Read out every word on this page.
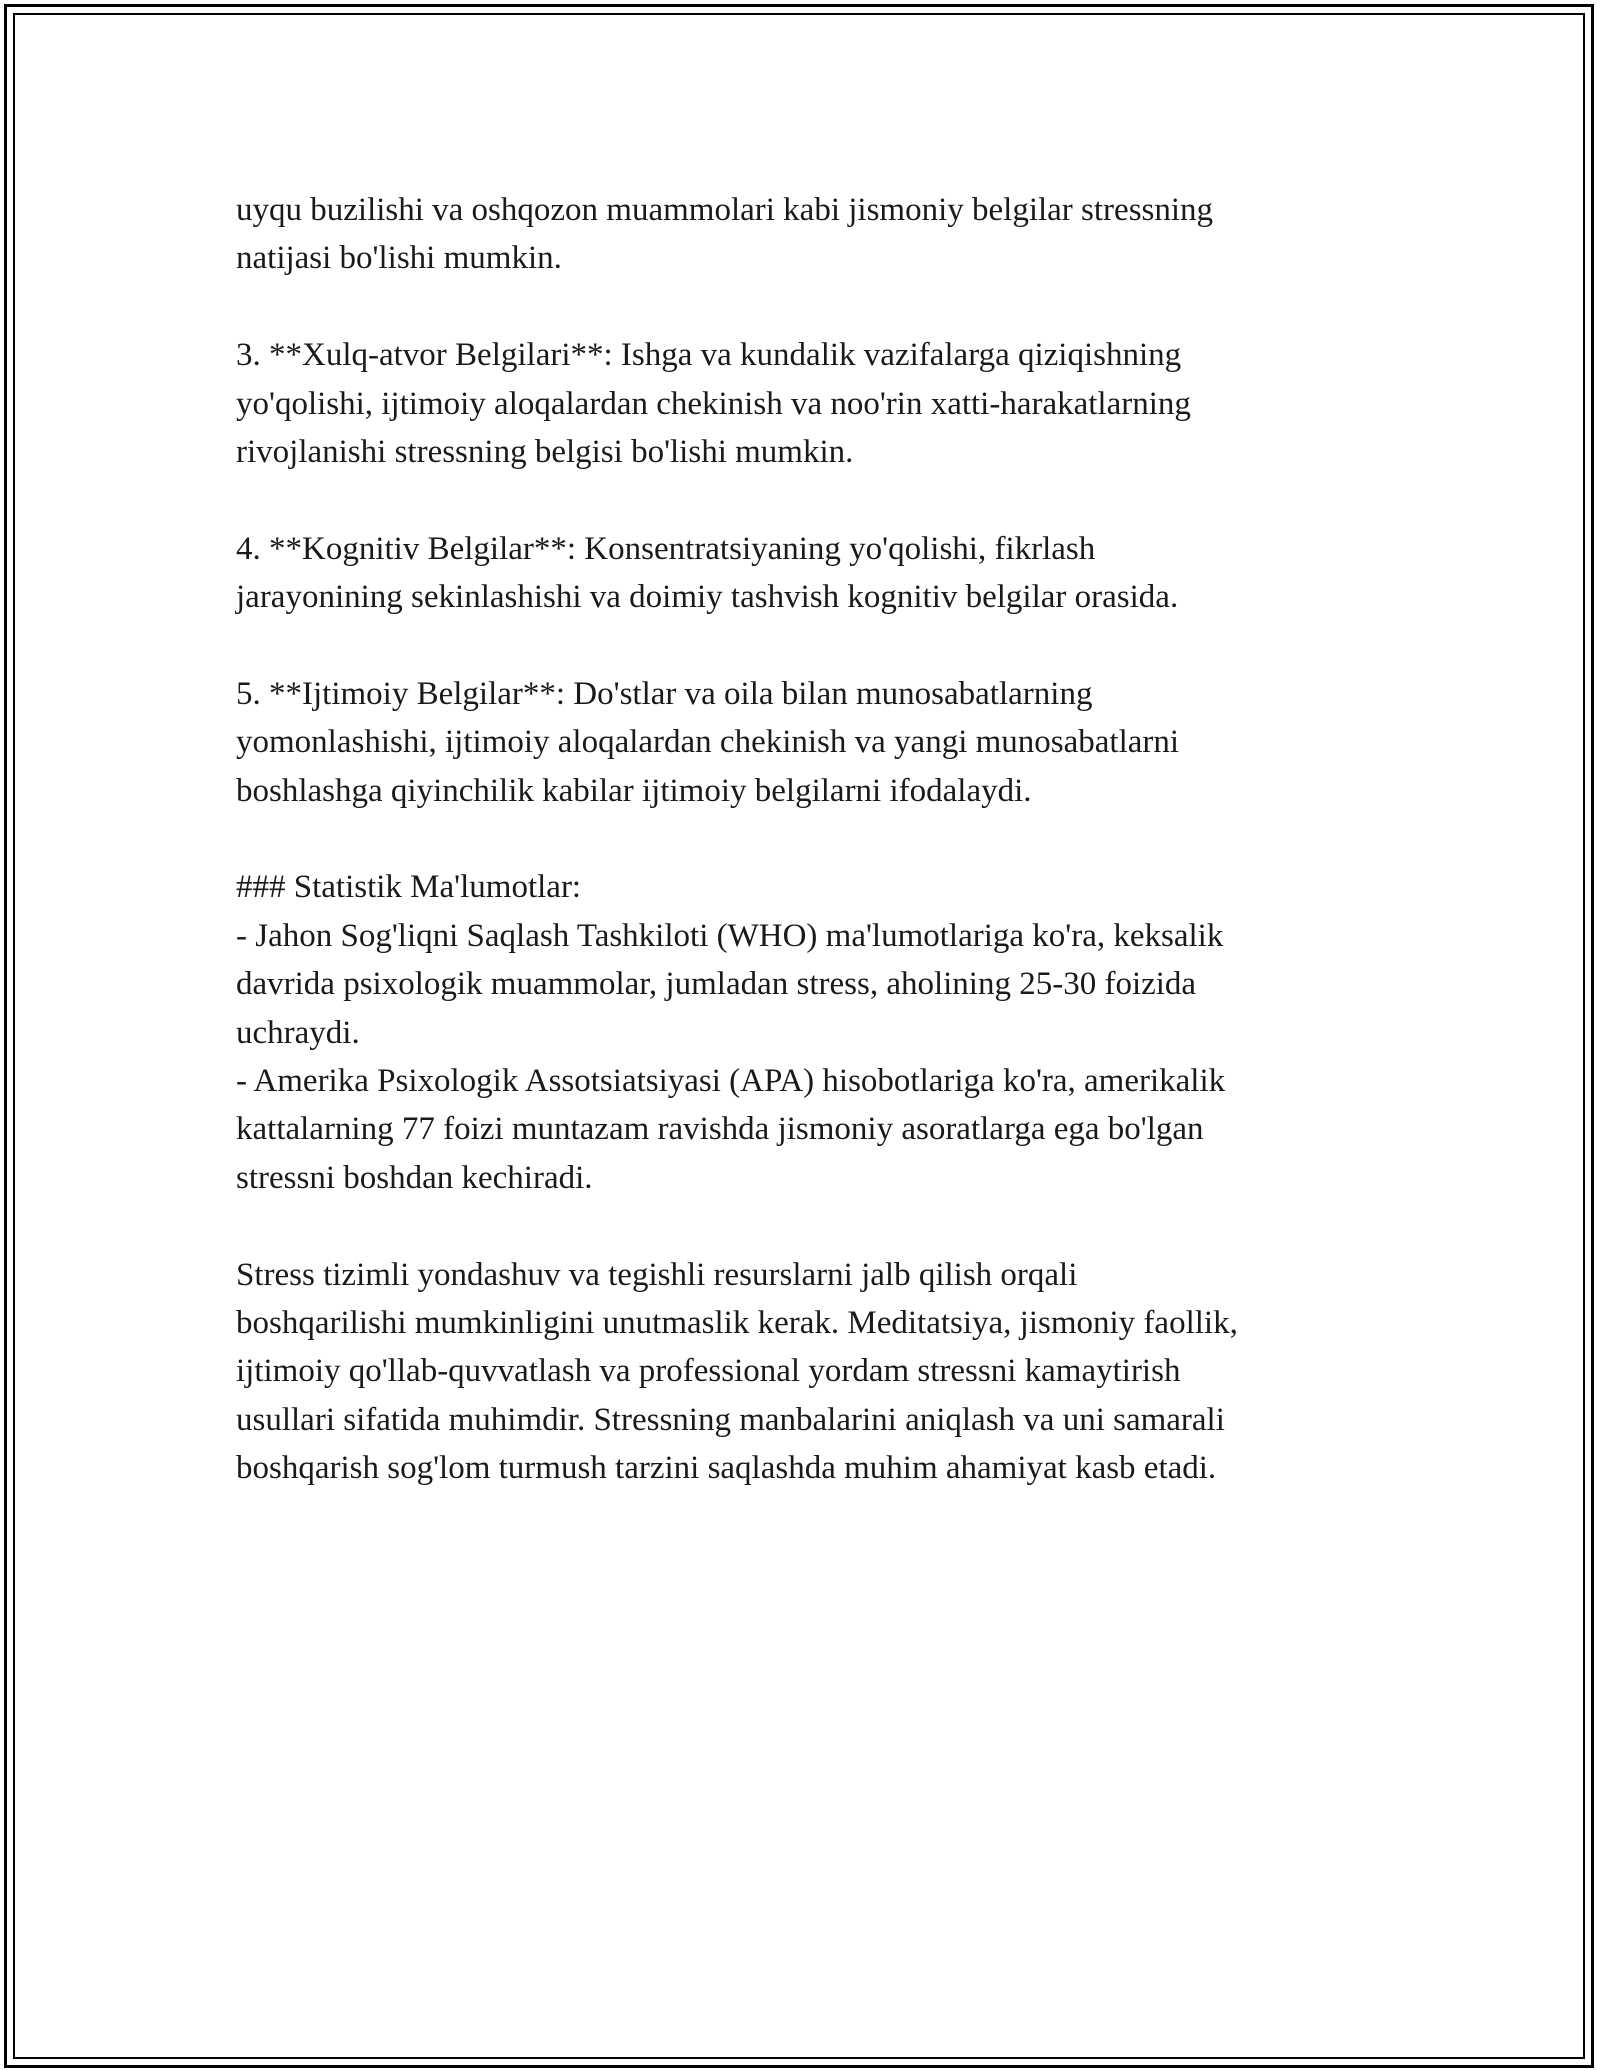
uyqu buzilishi va oshqozon muammolari kabi jismoniy belgilar stressning
natijasi bo'lishi mumkin.
3. **Xulq-atvor Belgilari**: Ishga va kundalik vazifalarga qiziqishning
yo'qolishi, ijtimoiy aloqalardan chekinish va noo'rin xatti-harakatlarning
rivojlanishi stressning belgisi bo'lishi mumkin.
4. **Kognitiv Belgilar**: Konsentratsiyaning yo'qolishi, fikrlash
jarayonining sekinlashishi va doimiy tashvish kognitiv belgilar orasida.
5. **Ijtimoiy Belgilar**: Do'stlar va oila bilan munosabatlarning
yomonlashishi, ijtimoiy aloqalardan chekinish va yangi munosabatlarni
boshlashga qiyinchilik kabilar ijtimoiy belgilarni ifodalaydi.
### Statistik Ma'lumotlar:
- Jahon Sog'liqni Saqlash Tashkiloti (WHO) ma'lumotlariga ko'ra, keksalik
davrida psixologik muammolar, jumladan stress, aholining 25-30 foizida
uchraydi.
- Amerika Psixologik Assotsiatsiyasi (APA) hisobotlariga ko'ra, amerikalik
kattalarning 77 foizi muntazam ravishda jismoniy asoratlarga ega bo'lgan
stressni boshdan kechiradi.
Stress tizimli yondashuv va tegishli resurslarni jalb qilish orqali
boshqarilishi mumkinligini unutmaslik kerak. Meditatsiya, jismoniy faollik,
ijtimoiy qo'llab-quvvatlash va professional yordam stressni kamaytirish
usullari sifatida muhimdir. Stressning manbalarini aniqlash va uni samarali
boshqarish sog'lom turmush tarzini saqlashda muhim ahamiyat kasb etadi.
